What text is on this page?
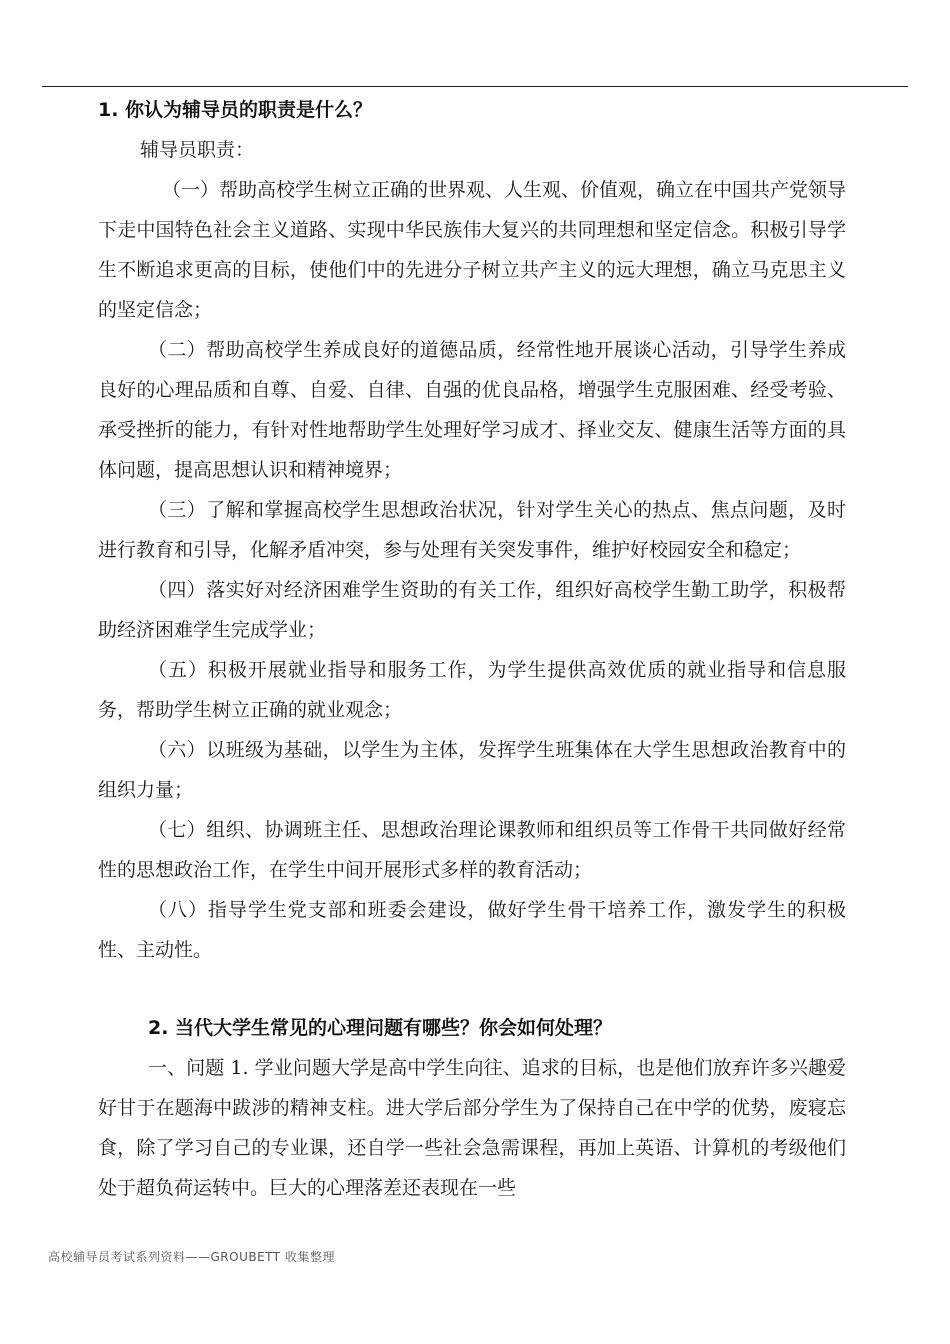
1. 你认为辅导员的职责是什么？

辅导员职责：

（一）帮助高校学生树立正确的世界观、人生观、价值观，确立在中国共产党领导下走中国特色社会主义道路、实现中华民族伟大复兴的共同理想和坚定信念。积极引导学生不断追求更高的目标，使他们中的先进分子树立共产主义的远大理想，确立马克思主义的坚定信念；

（二）帮助高校学生养成良好的道德品质，经常性地开展谈心活动，引导学生养成良好的心理品质和自尊、自爱、自律、自强的优良品格，增强学生克服困难、经受考验、承受挫折的能力，有针对性地帮助学生处理好学习成才、择业交友、健康生活等方面的具体问题，提高思想认识和精神境界；

（三）了解和掌握高校学生思想政治状况，针对学生关心的热点、焦点问题，及时进行教育和引导，化解矛盾冲突，参与处理有关突发事件，维护好校园安全和稳定；

（四）落实好对经济困难学生资助的有关工作，组织好高校学生勤工助学，积极帮助经济困难学生完成学业；

（五）积极开展就业指导和服务工作，为学生提供高效优质的就业指导和信息服务，帮助学生树立正确的就业观念；

（六）以班级为基础，以学生为主体，发挥学生班集体在大学生思想政治教育中的组织力量；

（七）组织、协调班主任、思想政治理论课教师和组织员等工作骨干共同做好经常性的思想政治工作，在学生中间开展形式多样的教育活动；

（八）指导学生党支部和班委会建设，做好学生骨干培养工作，激发学生的积极性、主动性。

2. 当代大学生常见的心理问题有哪些？你会如何处理？

一、问题 1. 学业问题大学是高中学生向往、追求的目标，也是他们放弃许多兴趣爱好甘于在题海中跋涉的精神支柱。进大学后部分学生为了保持自己在中学的优势，废寝忘食，除了学习自己的专业课，还自学一些社会急需课程，再加上英语、计算机的考级他们处于超负荷运转中。巨大的心理落差还表现在一些

高校辅导员考试系列资料——GROUBETT 收集整理
